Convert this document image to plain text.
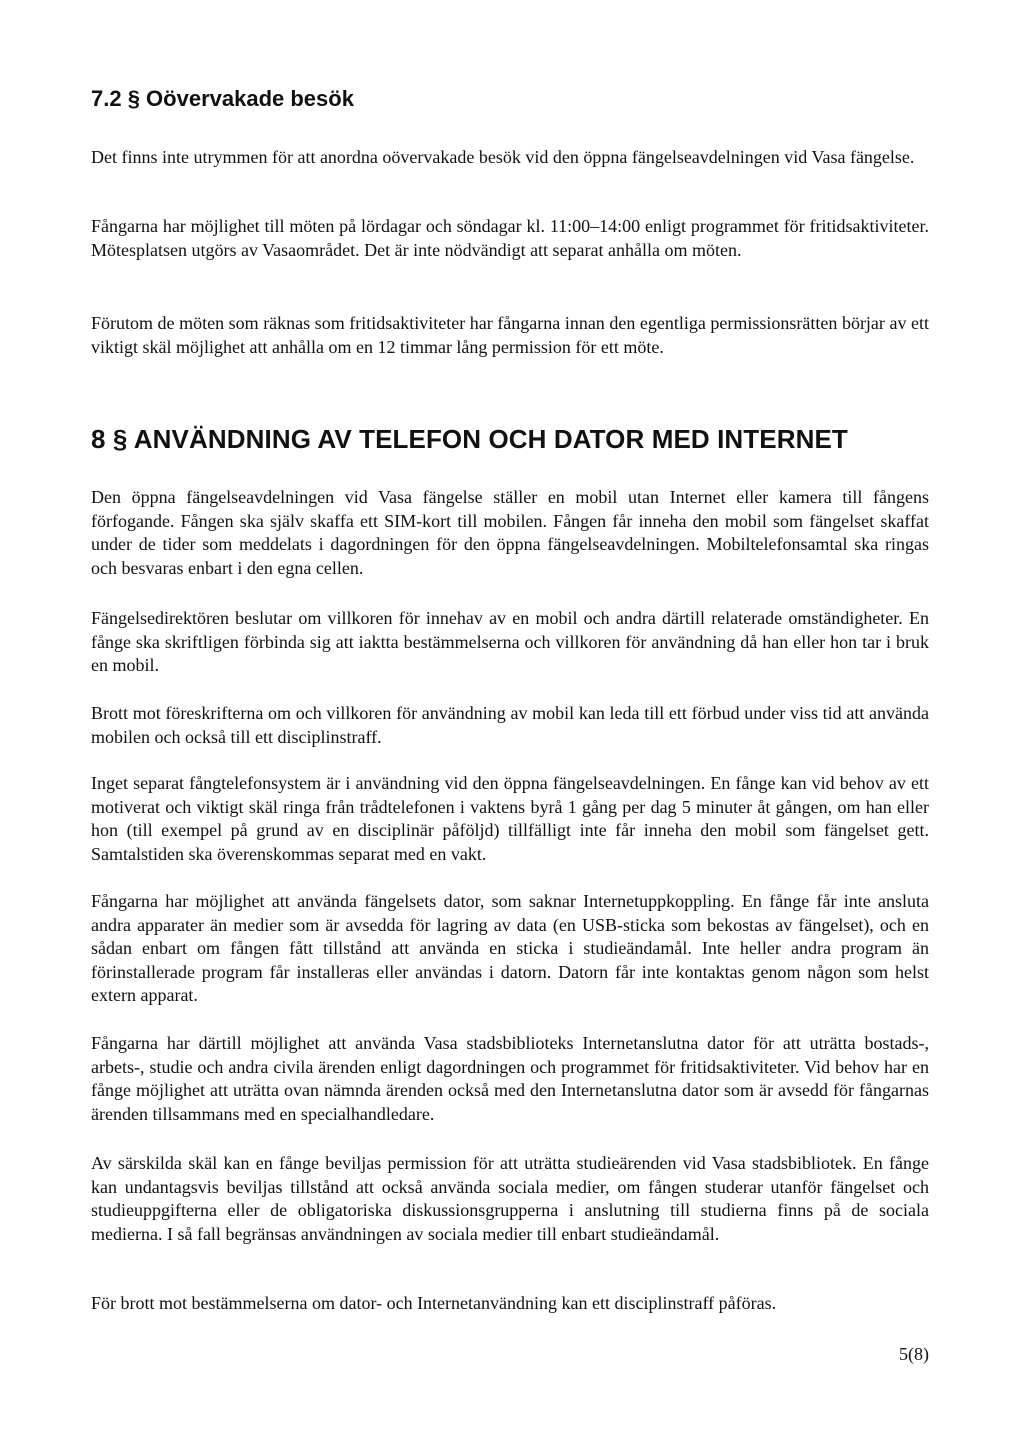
7.2 § Oövervakade besök

Det finns inte utrymmen för att anordna oövervakade besök vid den öppna fängelseavdelningen vid Vasa fängelse.

Fångarna har möjlighet till möten på lördagar och söndagar kl. 11:00–14:00 enligt programmet för fritidsaktiviteter. Mötesplatsen utgörs av Vasaområdet. Det är inte nödvändigt att separat anhålla om möten.

Förutom de möten som räknas som fritidsaktiviteter har fångarna innan den egentliga permissionsrätten börjar av ett viktigt skäl möjlighet att anhålla om en 12 timmar lång permission för ett möte.

8 § ANVÄNDNING AV TELEFON OCH DATOR MED INTERNET

Den öppna fängelseavdelningen vid Vasa fängelse ställer en mobil utan Internet eller kamera till fångens förfogande. Fången ska själv skaffa ett SIM-kort till mobilen. Fången får inneha den mobil som fängelset skaffat under de tider som meddelats i dagordningen för den öppna fängelseavdelningen. Mobiltelefonsamtal ska ringas och besvaras enbart i den egna cellen.

Fängelsedirektören beslutar om villkoren för innehav av en mobil och andra därtill relaterade omständigheter. En fånge ska skriftligen förbinda sig att iaktta bestämmelserna och villkoren för användning då han eller hon tar i bruk en mobil.

Brott mot föreskrifterna om och villkoren för användning av mobil kan leda till ett förbud under viss tid att använda mobilen och också till ett disciplinstraff.

Inget separat fångtelefonsystem är i användning vid den öppna fängelseavdelningen. En fånge kan vid behov av ett motiverat och viktigt skäl ringa från trådtelefonen i vaktens byrå 1 gång per dag 5 minuter åt gången, om han eller hon (till exempel på grund av en disciplinär påföljd) tillfälligt inte får inneha den mobil som fängelset gett. Samtalstiden ska överenskommas separat med en vakt.

Fångarna har möjlighet att använda fängelsets dator, som saknar Internetuppkoppling. En fånge får inte ansluta andra apparater än medier som är avsedda för lagring av data (en USB-sticka som bekostas av fängelset), och en sådan enbart om fången fått tillstånd att använda en sticka i studieändamål. Inte heller andra program än förinstallerade program får installeras eller användas i datorn. Datorn får inte kontaktas genom någon som helst extern apparat.

Fångarna har därtill möjlighet att använda Vasa stadsbiblioteks Internetanslutna dator för att uträtta bostads-, arbets-, studie och andra civila ärenden enligt dagordningen och programmet för fritidsaktiviteter. Vid behov har en fånge möjlighet att uträtta ovan nämnda ärenden också med den Internetanslutna dator som är avsedd för fångarnas ärenden tillsammans med en specialhandledare.

Av särskilda skäl kan en fånge beviljas permission för att uträtta studieärenden vid Vasa stadsbibliotek. En fånge kan undantagsvis beviljas tillstånd att också använda sociala medier, om fången studerar utanför fängelset och studieuppgifterna eller de obligatoriska diskussionsgrupperna i anslutning till studierna finns på de sociala medierna. I så fall begränsas användningen av sociala medier till enbart studieändamål.

För brott mot bestämmelserna om dator- och Internetanvändning kan ett disciplinstraff påföras.

5(8)
